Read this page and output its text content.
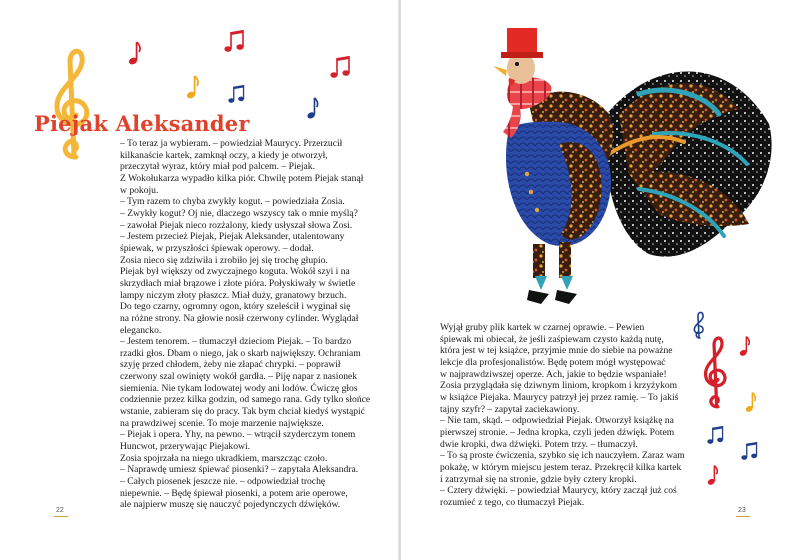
Piejak Aleksander
– To teraz ja wybieram. – powiedział Maurycy. Przerzucił
kilkanaście kartek, zamknął oczy, a kiedy je otworzył,
przeczytał wyraz, który miał pod palcem. – Piejak.
Z Wokołukarza wypadło kilka piór. Chwilę potem Piejak stanął
w pokoju.
– Tym razem to chyba zwykły kogut. – powiedziała Zosia.
– Zwykły kogut? Oj nie, dlaczego wszyscy tak o mnie myślą?
– zawołał Piejak nieco rozżalony, kiedy usłyszał słowa Zosi.
– Jestem przecież Piejak, Piejak Aleksander, utalentowany
śpiewak, w przyszłości śpiewak operowy. – dodał.
Zosia nieco się zdziwiła i zrobiło jej się trochę głupio.
Piejak był większy od zwyczajnego koguta. Wokół szyi i na
skrzydłach miał brązowe i złote pióra. Połyskiwały w świetle
lampy niczym złoty płaszcz. Miał duży, granatowy brzuch.
Do tego czarny, ogromny ogon, który szeleścił i wyginał się
na różne strony. Na głowie nosił czerwony cylinder. Wyglądał
elegancko.
– Jestem tenorem. – tłumaczył dzieciom Piejak. – To bardzo
rzadki głos. Dbam o niego, jak o skarb największy. Ochraniam
szyję przed chłodem, żeby nie złapać chrypki. – poprawił
czerwony szal owinięty wokół gardła. – Piję napar z nasionek
siemienia. Nie tykam lodowatej wody ani lodów. Ćwiczę głos
codziennie przez kilka godzin, od samego rana. Gdy tylko słońce
wstanie, zabieram się do pracy. Tak bym chciał kiedyś wystąpić
na prawdziwej scenie. To moje marzenie największe.
– Piejak i opera. Yhy, na pewno. – wtrącił szyderczym tonem
Huncwot, przerywając Piejakowi.
Zosia spojrzała na niego ukradkiem, marszcząc czoło.
– Naprawdę umiesz śpiewać piosenki? – zapytała Aleksandra.
– Całych piosenek jeszcze nie. – odpowiedział trochę
niepewnie. – Będę śpiewał piosenki, a potem arie operowe,
ale najpierw muszę się nauczyć pojedynczych dźwięków.
22
Wyjął gruby plik kartek w czarnej oprawie. – Pewien
śpiewak mi obiecał, że jeśli zaśpiewam czysto każdą nutę,
która jest w tej książce, przyjmie mnie do siebie na poważne
lekcje dla profesjonalistów. Będę potem mógł występować
w najprawdziwszej operze. Ach, jakie to będzie wspaniałe!
Zosia przyglądała się dziwnym liniom, kropkom i krzyżykom
w książce Piejaka. Maurycy patrzył jej przez ramię. – To jakiś
tajny szyfr? – zapytał zaciekawiony.
– Nie tam, skąd. – odpowiedział Piejak. Otworzył książkę na
pierwszej stronie. – Jedna kropka, czyli jeden dźwięk. Potem
dwie kropki, dwa dźwięki. Potem trzy. – tłumaczył.
– To są proste ćwiczenia, szybko się ich nauczyłem. Zaraz wam
pokażę, w którym miejscu jestem teraz. Przekręcił kilka kartek
i zatrzymał się na stronie, gdzie były cztery kropki.
– Cztery dźwięki. – powiedział Maurycy, który zaczął już coś
rozumieć z tego, co tłumaczył Piejak.
23
